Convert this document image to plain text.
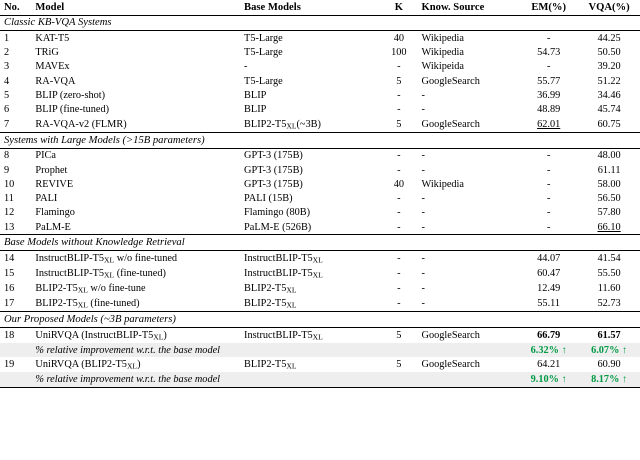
No.	Model	Base Models	K	Know. Source	EM(%)	VQA(%)
Classic KB-VQA Systems						

1	KAT-T5	T5-Large	40	Wikipedia	-	44.25
2	TRiG	T5-Large	100	Wikipedia	54.73	50.50
3	MAVEx	-	-	Wikipeida	-	39.20
4	RA-VQA	T5-Large	5	GoogleSearch	55.77	51.22
5	BLIP (zero-shot)	BLIP	-	-	36.99	34.46
6	BLIP (fine-tuned)	BLIP	-	-	48.89	45.74
7	RA-VQA-v2 (FLMR)	$BLIP2-T5_{XL}(\sim 3B)$	5	GoogleSearch	62.01	60.75
Systems with Large Models (>15B parameters)						

8	PICa	GPT-3 (175B)	-	-	-	48.00
9	Prophet	GPT-3 (175B)	-	-	-	61.11
10	REVIVE	GPT-3 (175B)	40	Wikipedia	-	58.00
11	PALI	PALI (15B)	-	-	-	56.50
12	Flamingo	Flamingo (80B)	-	-	-	57.80
13	PaLM-E	PaLM-E (526B)	-	-	-	66.10
Base Models without Knowledge Retrieval						

14	InstructBLIP-$T5_{XL}$ w/o fine-tuned	InstructBLIP-$T5_{XL}$	-	-	44.07	41.54
15	InstructBLIP-$T5_{XL}$ (fine-tuned)	InstructBLIP-$T5_{XL}$	-	-	60.47	55.50
16	$BLIP2-T5_{XL}$ w/o fine-tune	$BLIP2-T5_{XL}$	-	-	12.49	11.60
17	$BLIP2-T5_{XL}$ (fine-tuned)	$BLIP2-T5_{XL}$	-	-	55.11	52.73
Our Proposed Models (~3B parameters)						

18	UniRVQA $(InstructBLIP-T5_{XL})$	InstructBLIP-$T5_{XL}$	5	GoogleSearch	66.79	61.57
	% relative improvement w.r.t. the base model				6.32% ↑	6.07% ↑
19	UniRVQA $(BLIP2-T5_{XL})$	$BLIP2-T5_{XL}$	5	GoogleSearch	64.21	60.90
	% relative improvement w.r.t. the base model				9.10% ↑	8.17% ↑
